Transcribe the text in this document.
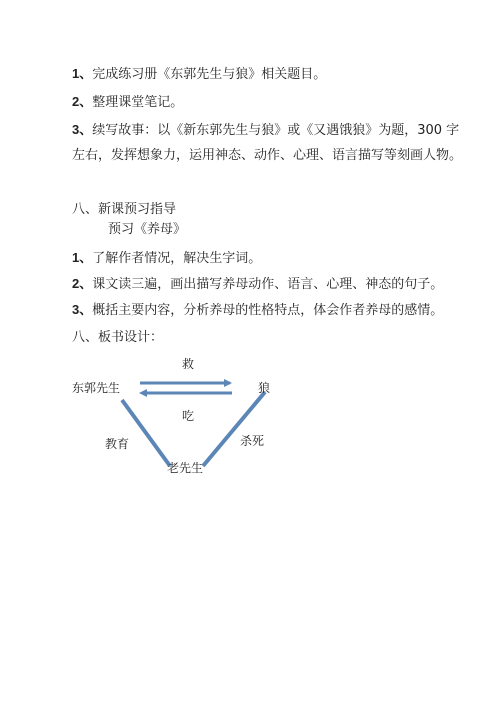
1、完成练习册《东郭先生与狼》相关题目。
2、整理课堂笔记。
3、续写故事：以《新东郭先生与狼》或《又遇饿狼》为题，300 字
左右，发挥想象力，运用神态、动作、心理、语言描写等刻画人物。
八、新课预习指导
预习《养母》
1、了解作者情况，解决生字词。
2、课文读三遍，画出描写养母动作、语言、心理、神态的句子。
3、概括主要内容，分析养母的性格特点，体会作者养母的感情。
八、板书设计：
救
东郭先生	狼
吃
教育	杀死
老先生
